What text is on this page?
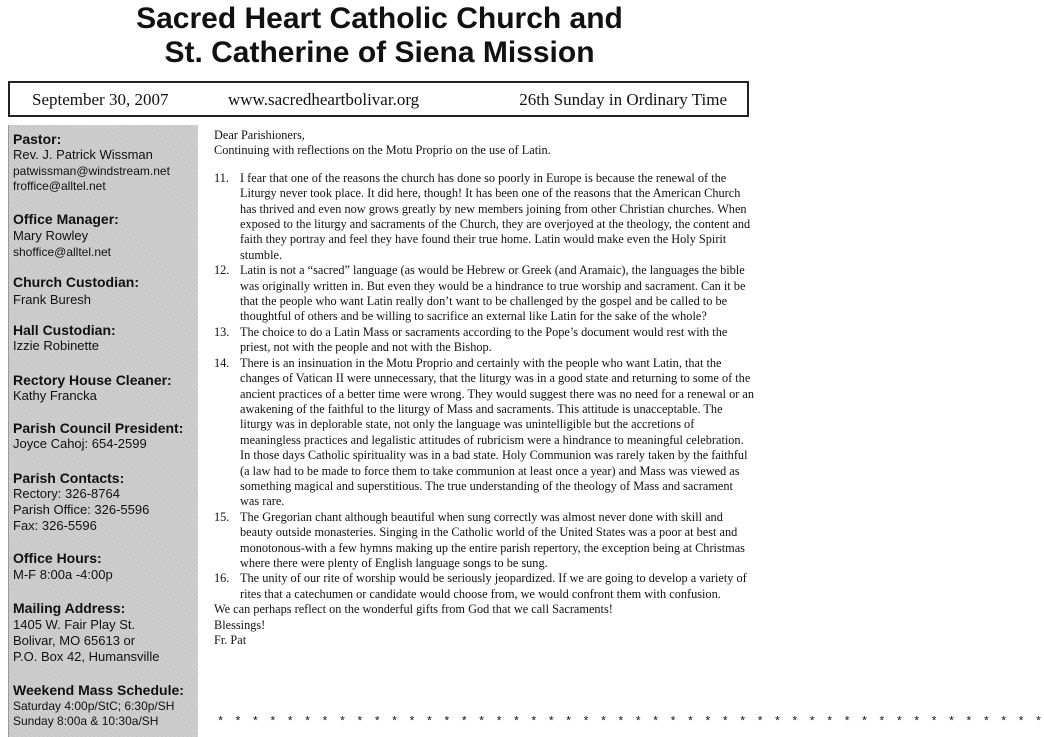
Sacred Heart Catholic Church and
St. Catherine of Siena Mission
September 30, 2007	www.sacredheartbolivar.org	26th Sunday in Ordinary Time
Pastor:
Rev. J. Patrick Wissman
patwissman@windstream.net
froffice@alltel.net
Office Manager:
Mary Rowley
shoffice@alltel.net
Church Custodian:
Frank Buresh
Hall Custodian:
Izzie Robinette
Rectory House Cleaner:
Kathy Francka
Parish Council President:
Joyce Cahoj: 654-2599
Parish Contacts:
Rectory: 326-8764
Parish Office: 326-5596
Fax: 326-5596
Office Hours:
M-F 8:00a -4:00p
Mailing Address:
1405 W. Fair Play St.
Bolivar, MO 65613 or
P.O. Box 42, Humansville
Weekend Mass Schedule:
Saturday 4:00p/StC; 6:30p/SH
Sunday 8:00a & 10:30a/SH

Dear Parishioners,

Continuing with reflections on the Motu Proprio on the use of Latin.

11. I fear that one of the reasons the church has done so poorly in Europe is because the renewal of the Liturgy never took place. It did here, though! It has been one of the reasons that the American Church has thrived and even now grows greatly by new members joining from other Christian churches. When exposed to the liturgy and sacraments of the Church, they are overjoyed at the theology, the content and faith they portray and feel they have found their true home. Latin would make even the Holy Spirit stumble.
12. Latin is not a “sacred” language (as would be Hebrew or Greek (and Aramaic), the languages the bible was originally written in. But even they would be a hindrance to true worship and sacrament. Can it be that the people who want Latin really don’t want to be challenged by the gospel and be called to be thoughtful of others and be willing to sacrifice an external like Latin for the sake of the whole?
13. The choice to do a Latin Mass or sacraments according to the Pope’s document would rest with the priest, not with the people and not with the Bishop.
14. There is an insinuation in the Motu Proprio and certainly with the people who want Latin, that the changes of Vatican II were unnecessary, that the liturgy was in a good state and returning to some of the ancient practices of a better time were wrong. They would suggest there was no need for a renewal or an awakening of the faithful to the liturgy of Mass and sacraments. This attitude is unacceptable. The liturgy was in deplorable state, not only the language was unintelligible but the accretions of meaningless practices and legalistic attitudes of rubricism were a hindrance to meaningful celebration. In those days Catholic spirituality was in a bad state. Holy Communion was rarely taken by the faithful (a law had to be made to force them to take communion at least once a year) and Mass was viewed as something magical and superstitious. The true understanding of the theology of Mass and sacrament was rare.
15. The Gregorian chant although beautiful when sung correctly was almost never done with skill and beauty outside monasteries. Singing in the Catholic world of the United States was a poor at best and monotonous-with a few hymns making up the entire parish repertory, the exception being at Christmas where there were plenty of English language songs to be sung.
16. The unity of our rite of worship would be seriously jeopardized. If we are going to develop a variety of rites that a catechumen or candidate would choose from, we would confront them with confusion.

We can perhaps reflect on the wonderful gifts from God that we call Sacraments!

Blessings!

Fr. Pat

* * * * * * * * * * * * * * * * * * * * * * * * * * * * * * * * * * * * * * * * * * * * * * * *
